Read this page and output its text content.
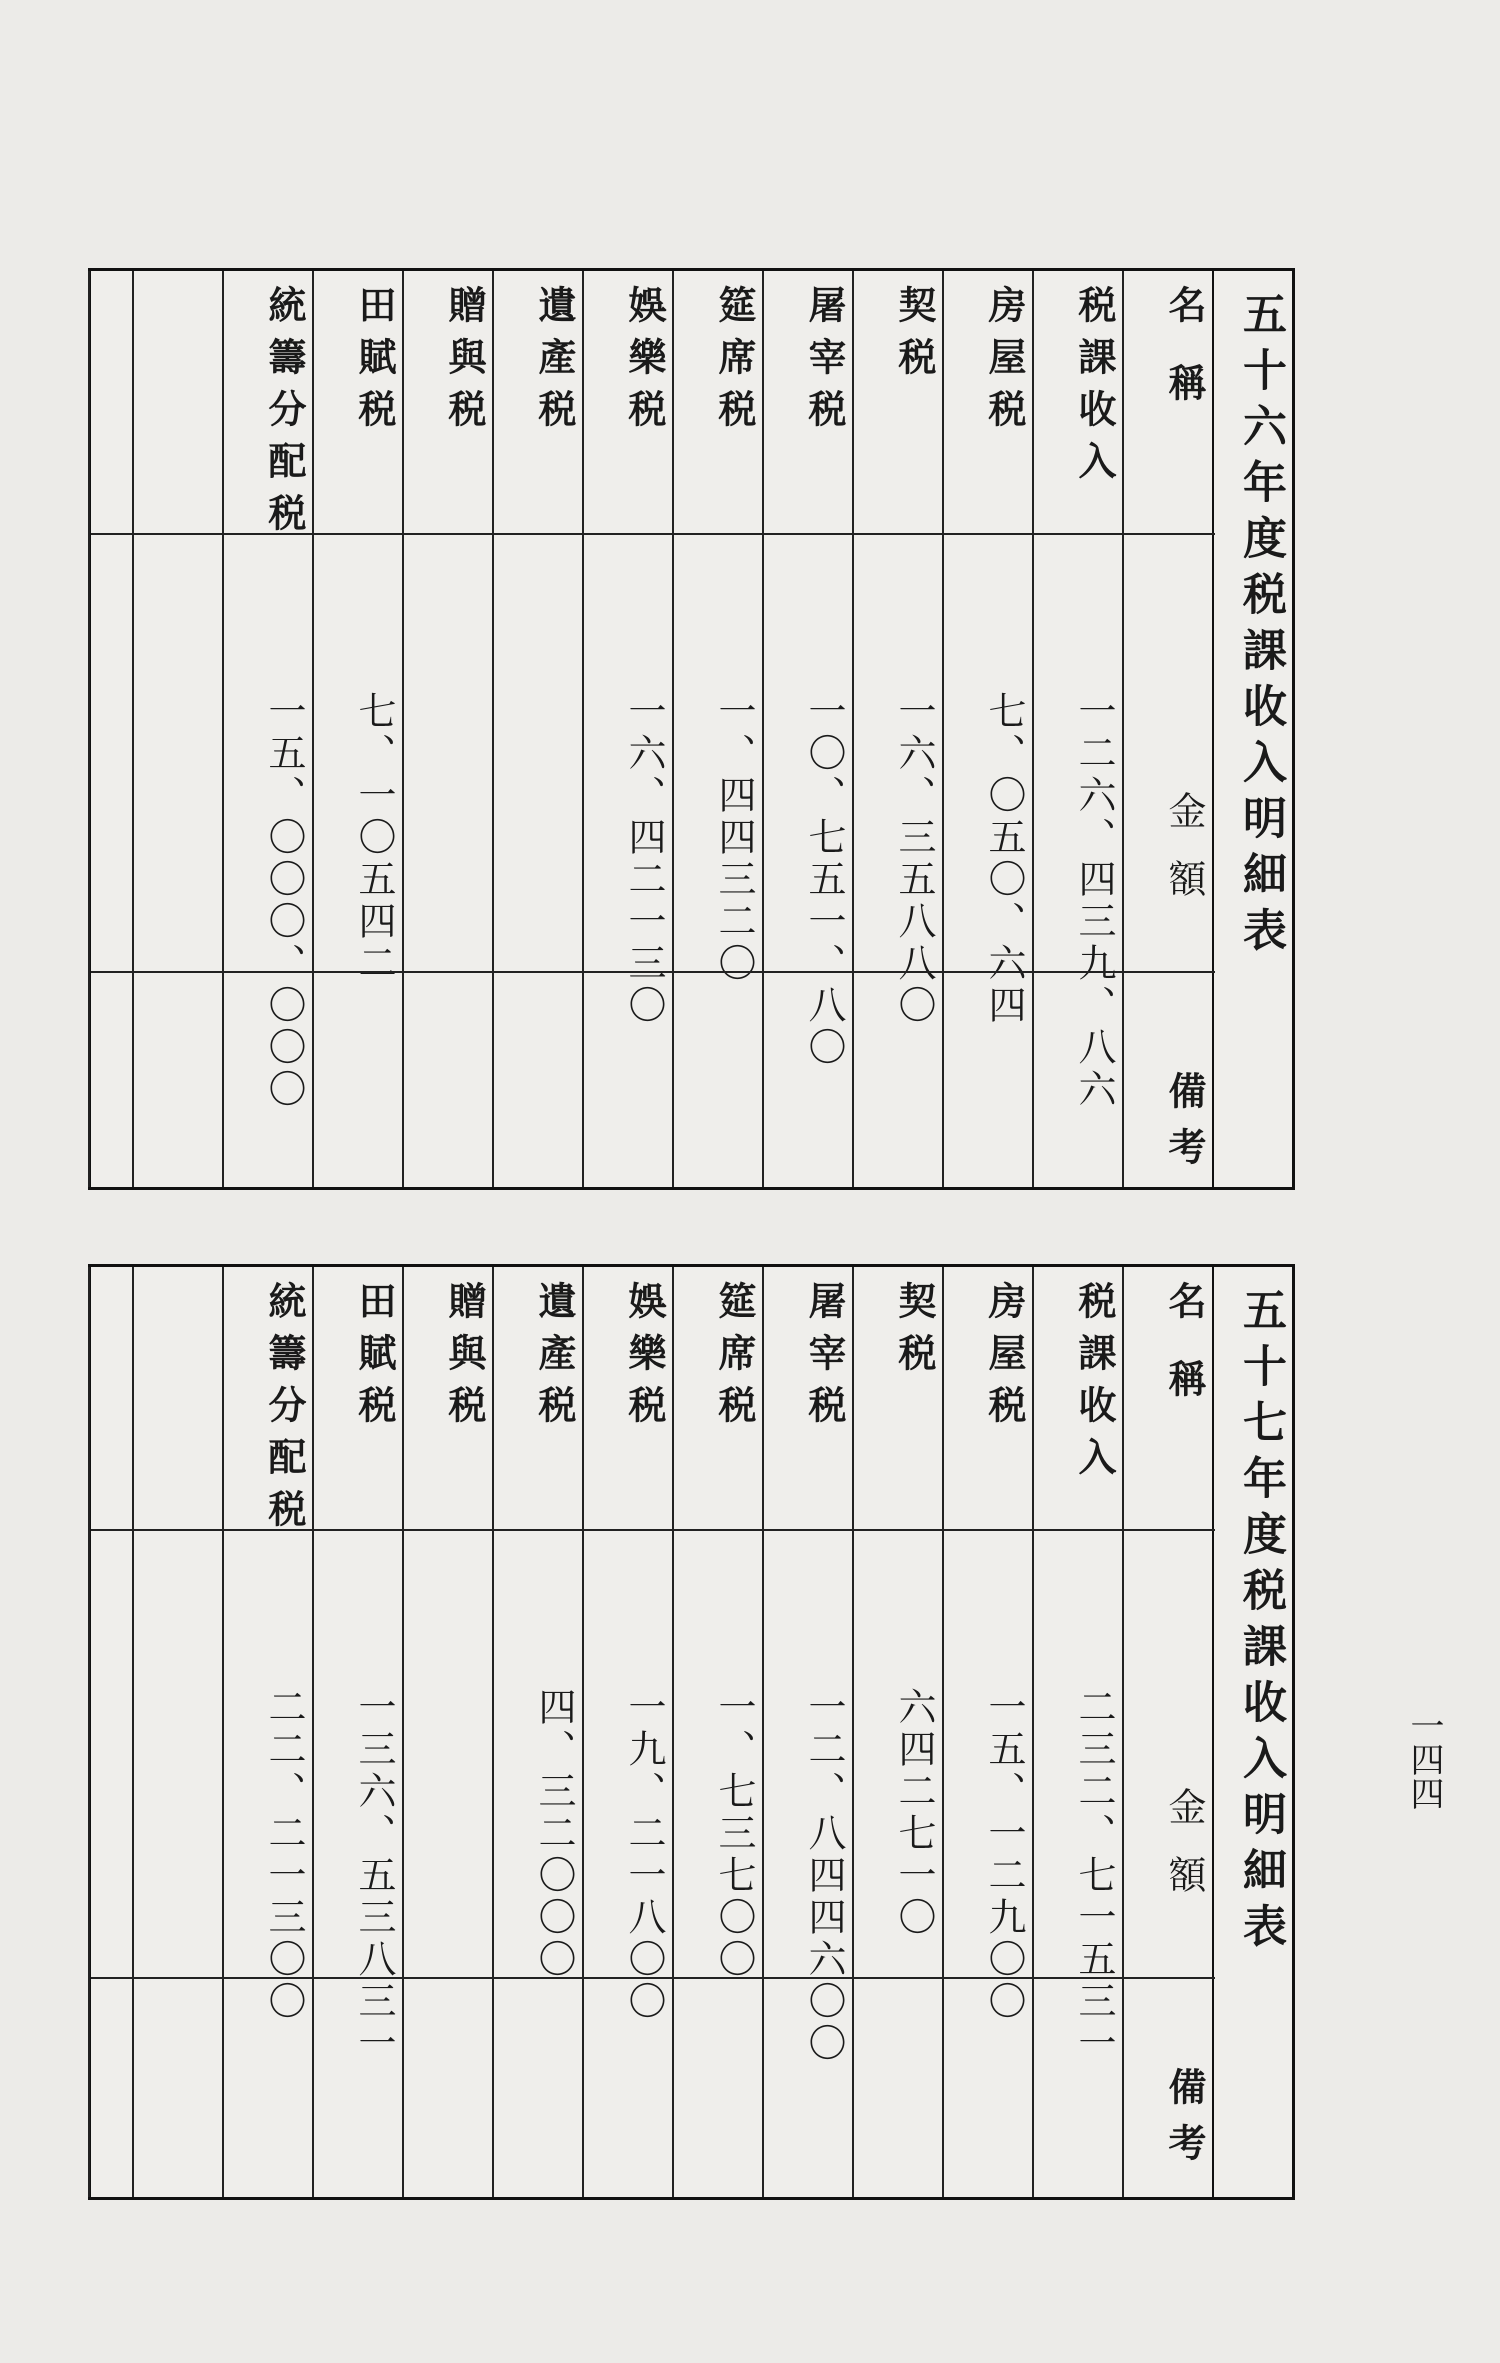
一四四
五十六年度税課收入明細表
名稱
金額
備考
税課收入
一二六、四三九、八六
房屋税
七、〇五〇、六四
契税
一六、三五八八〇
屠宰税
一〇、七五一、八〇
筵席税
一、四四三二〇
娛樂税
一六、四二一三〇
遺產税
贈與税
田賦税
七、一〇五四二
統籌分配税
一五、〇〇〇、〇〇〇
五十七年度税課收入明細表
名稱
金額
備考
税課收入
二三二、七一五三一
房屋税
一五、一二九〇〇
契税
六四二七一〇
屠宰税
一二、八四四六〇〇
筵席税
一、七三七〇〇
娛樂税
一九、二一八〇〇
遺產税
四、三二〇〇〇
贈與税
田賦税
一三六、五三八三一
統籌分配税
二二、二一三〇〇
